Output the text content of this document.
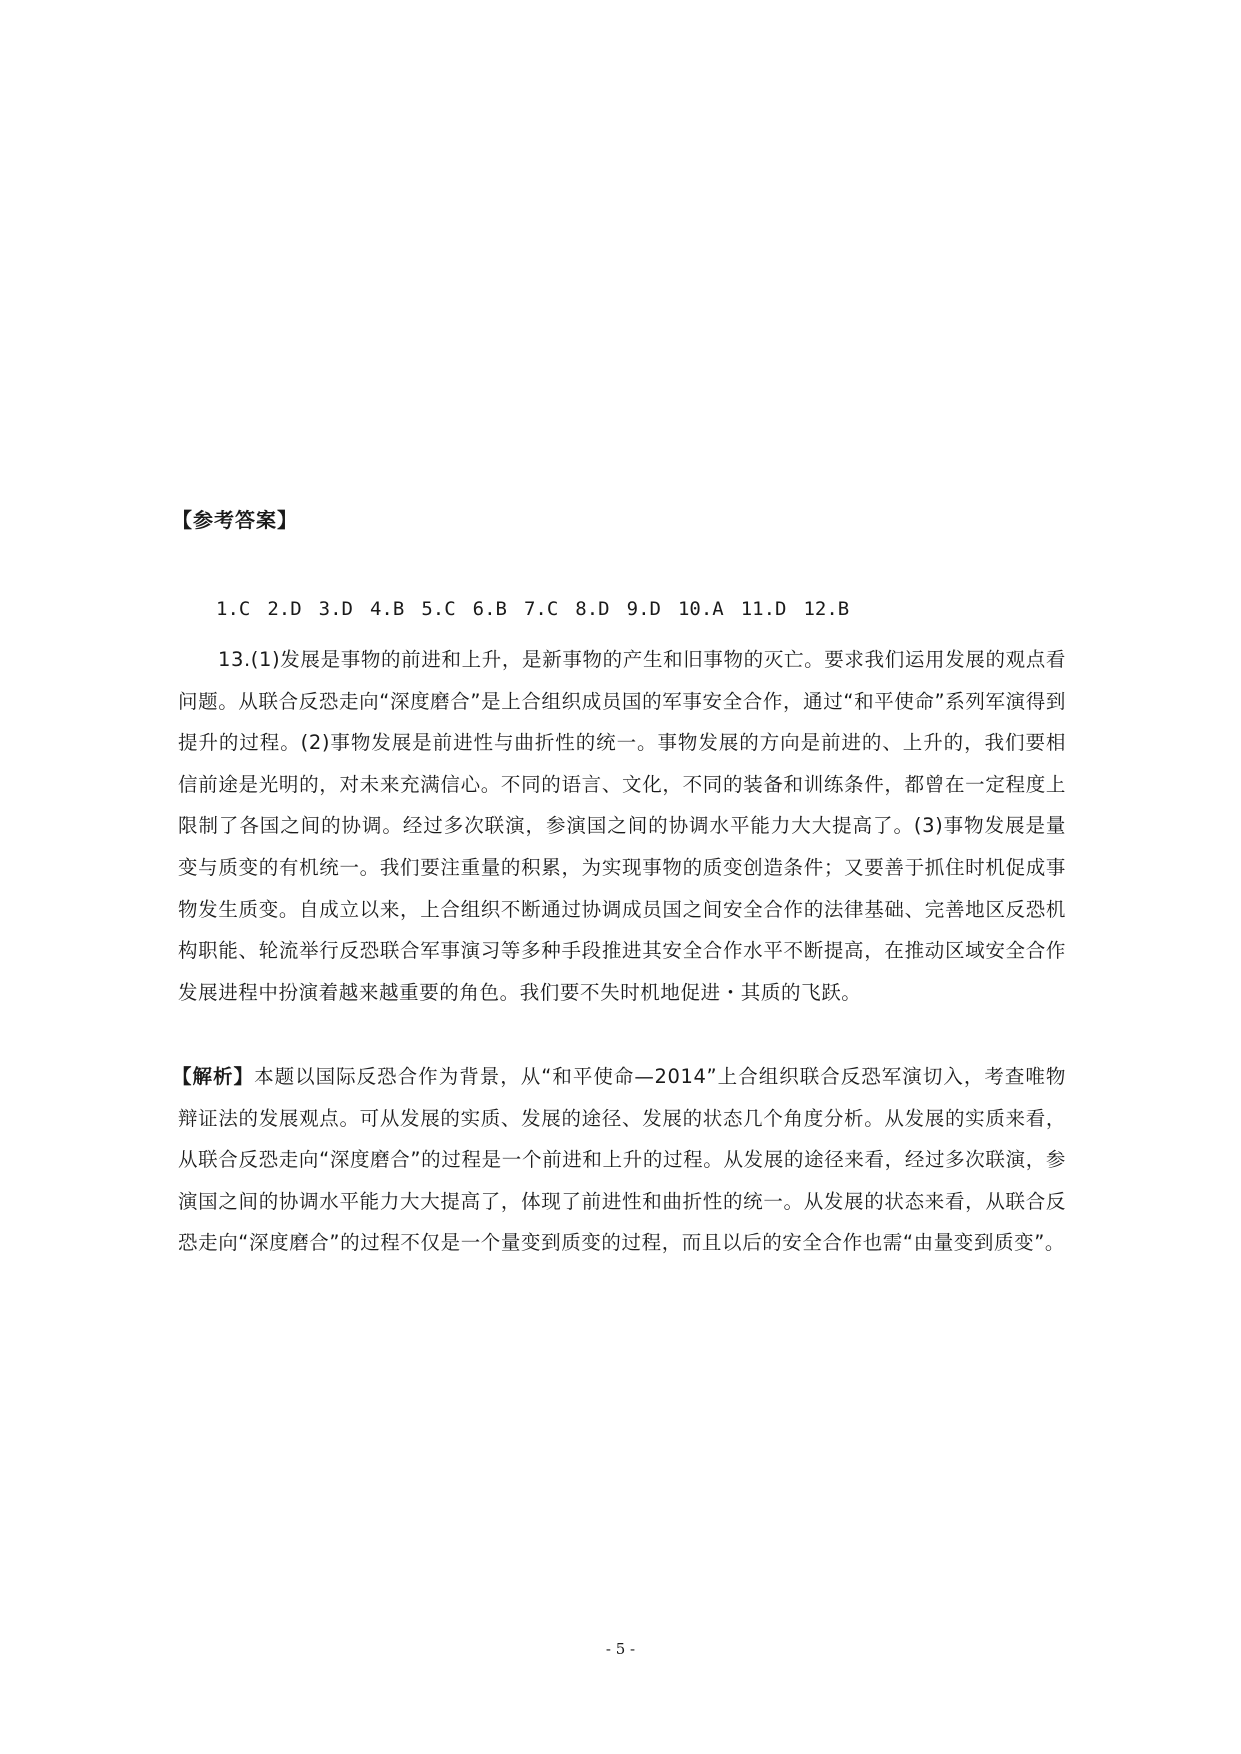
【参考答案】
1.C 2.D 3.D 4.B 5.C 6.B 7.C 8.D 9.D 10.A 11.D 12.B

13.(1)发展是事物的前进和上升，是新事物的产生和旧事物的灭亡。要求我们运用发展的观点看问题。从联合反恐走向“深度磨合”是上合组织成员国的军事安全合作，通过“和平使命”系列军演得到提升的过程。(2)事物发展是前进性与曲折性的统一。事物发展的方向是前进的、上升的，我们要相信前途是光明的，对未来充满信心。不同的语言、文化，不同的装备和训练条件，都曾在一定程度上限制了各国之间的协调。经过多次联演，参演国之间的协调水平能力大大提高了。(3)事物发展是量变与质变的有机统一。我们要注重量的积累，为实现事物的质变创造条件；又要善于抓住时机促成事物发生质变。自成立以来，上合组织不断通过协调成员国之间安全合作的法律基础、完善地区反恐机构职能、轮流举行反恐联合军事演习等多种手段推进其安全合作水平不断提高，在推动区域安全合作发展进程中扮演着越来越重要的角色。我们要不失时机地促进・其质的飞跃。

【解析】本题以国际反恐合作为背景，从“和平使命—2014”上合组织联合反恐军演切入，考查唯物辩证法的发展观点。可从发展的实质、发展的途径、发展的状态几个角度分析。从发展的实质来看，从联合反恐走向“深度磨合”的过程是一个前进和上升的过程。从发展的途径来看，经过多次联演，参演国之间的协调水平能力大大提高了，体现了前进性和曲折性的统一。从发展的状态来看，从联合反恐走向“深度磨合”的过程不仅是一个量变到质变的过程，而且以后的安全合作也需“由量变到质变”。

- 5 -
